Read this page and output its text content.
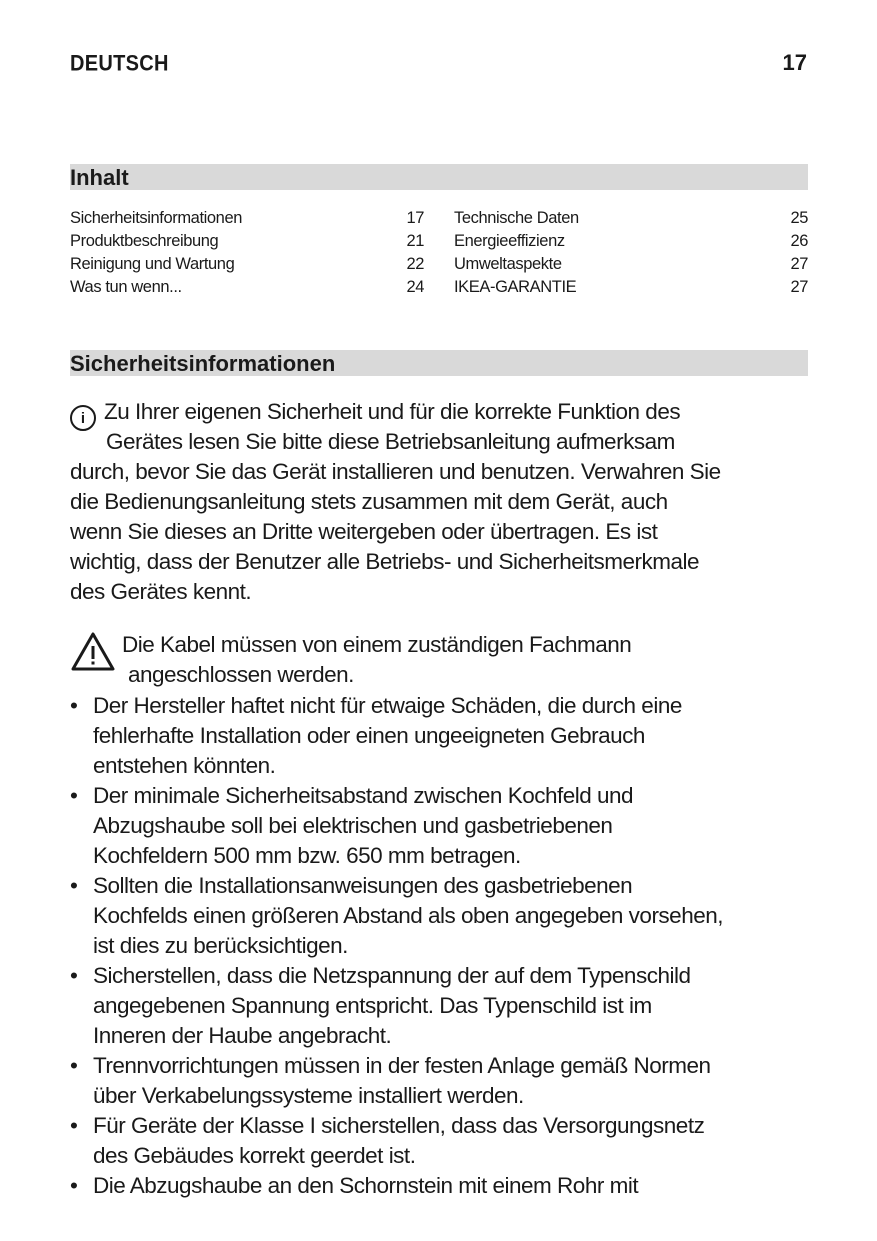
DEUTSCH	17
Inhalt
Sicherheitsinformationen	17
Produktbeschreibung	21
Reinigung und Wartung	22
Was tun wenn...	24
Technische Daten	25
Energieeffizienz	26
Umweltaspekte	27
IKEA-GARANTIE	27
Sicherheitsinformationen
i Zu Ihrer eigenen Sicherheit und für die korrekte Funktion des
Gerätes lesen Sie bitte diese Betriebsanleitung aufmerksam
durch, bevor Sie das Gerät installieren und benutzen. Verwahren Sie
die Bedienungsanleitung stets zusammen mit dem Gerät, auch
wenn Sie dieses an Dritte weitergeben oder übertragen. Es ist
wichtig, dass der Benutzer alle Betriebs- und Sicherheitsmerkmale
des Gerätes kennt.
Die Kabel müssen von einem zuständigen Fachmann
angeschlossen werden.
• Der Hersteller haftet nicht für etwaige Schäden, die durch eine
fehlerhafte Installation oder einen ungeeigneten Gebrauch
entstehen könnten.
• Der minimale Sicherheitsabstand zwischen Kochfeld und
Abzugshaube soll bei elektrischen und gasbetriebenen
Kochfeldern 500 mm bzw. 650 mm betragen.
• Sollten die Installationsanweisungen des gasbetriebenen
Kochfelds einen größeren Abstand als oben angegeben vorsehen,
ist dies zu berücksichtigen.
• Sicherstellen, dass die Netzspannung der auf dem Typenschild
angegebenen Spannung entspricht. Das Typenschild ist im
Inneren der Haube angebracht.
• Trennvorrichtungen müssen in der festen Anlage gemäß Normen
über Verkabelungssysteme installiert werden.
• Für Geräte der Klasse I sicherstellen, dass das Versorgungsnetz
des Gebäudes korrekt geerdet ist.
• Die Abzugshaube an den Schornstein mit einem Rohr mit
